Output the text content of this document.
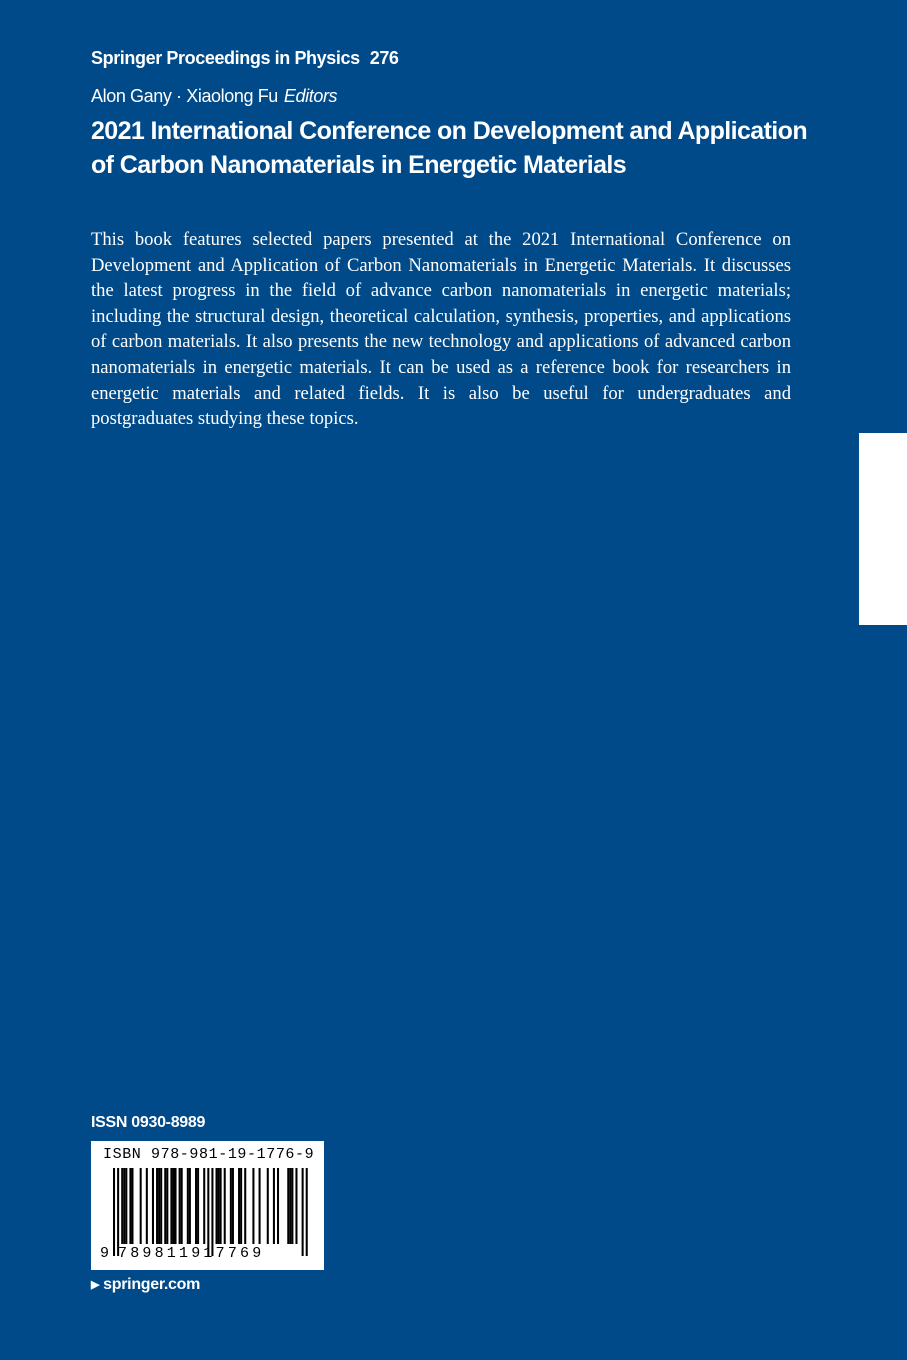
Springer Proceedings in Physics 276
Alon Gany · Xiaolong Fu Editors
2021 International Conference on Development and Application
of Carbon Nanomaterials in Energetic Materials

This book features selected papers presented at the 2021 International Conference on Development and Application of Carbon Nanomaterials in Energetic Materials. It discusses the latest progress in the field of advance carbon nanomaterials in energetic materials; including the structural design, theoretical calculation, synthesis, properties, and applications of carbon materials. It also presents the new technology and applications of advanced carbon nanomaterials in energetic materials. It can be used as a reference book for researchers in energetic materials and related fields. It is also be useful for undergraduates and postgraduates studying these topics.

ISSN 0930-8989
ISBN 978-981-19-1776-9
9 789811917769
▶ springer.com
